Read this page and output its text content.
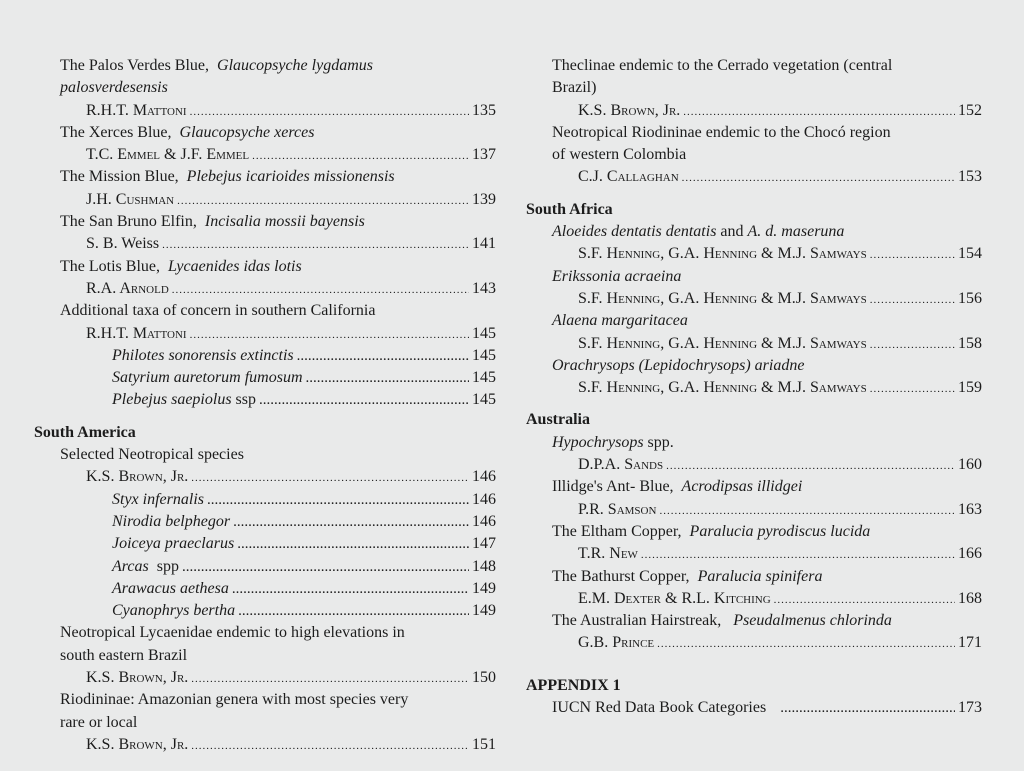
The Palos Verdes Blue, Glaucopsyche lygdamus
palosverdesensis
R.H.T. Mattoni .....	135
The Xerces Blue, Glaucopsyche xerces
T.C. Emmel & J.F. Emmel .....	137
The Mission Blue, Plebejus icarioides missionensis
J.H. Cushman .....	139
The San Bruno Elfin, Incisalia mossii bayensis
S. B. Weiss .....	141
The Lotis Blue, Lycaenides idas lotis
R.A. Arnold .....	143
Additional taxa of concern in southern California
R.H.T. Mattoni .....	145
Philotes sonorensis extinctis .....	145
Satyrium auretorum fumosum .....	145
Plebejus saepiolus ssp .....	145
South America
Selected Neotropical species
K.S. Brown, Jr. .....	146
Styx infernalis .....	146
Nirodia belphegor .....	146
Joiceya praeclarus .....	147
Arcas spp .....	148
Arawacus aethesa .....	149
Cyanophrys bertha .....	149
Neotropical Lycaenidae endemic to high elevations in
south eastern Brazil
K.S. Brown, Jr. .....	150
Riodininae: Amazonian genera with most species very
rare or local
K.S. Brown, Jr. .....	151
Theclinae endemic to the Cerrado vegetation (central
Brazil)
K.S. Brown, Jr. .....	152
Neotropical Riodininae endemic to the Chocó region
of western Colombia
C.J. Callaghan .....	153
South Africa
Aloeides dentatis dentatis and A. d. maseruna
S.F. Henning, G.A. Henning & M.J. Samways .....	154
Erikssonia acraeina
S.F. Henning, G.A. Henning & M.J. Samways .....	156
Alaena margaritacea
S.F. Henning, G.A. Henning & M.J. Samways .....	158
Orachrysops (Lepidochrysops) ariadne
S.F. Henning, G.A. Henning & M.J. Samways .....	159
Australia
Hypochrysops spp.
D.P.A. Sands .....	160
Illidge's Ant- Blue, Acrodipsas illidgei
P.R. Samson .....	163
The Eltham Copper, Paralucia pyrodiscus lucida
T.R. New .....	166
The Bathurst Copper, Paralucia spinifera
E.M. Dexter & R.L. Kitching .....	168
The Australian Hairstreak, Pseudalmenus chlorinda
G.B. Prince .....	171
APPENDIX 1
IUCN Red Data Book Categories .....	173
